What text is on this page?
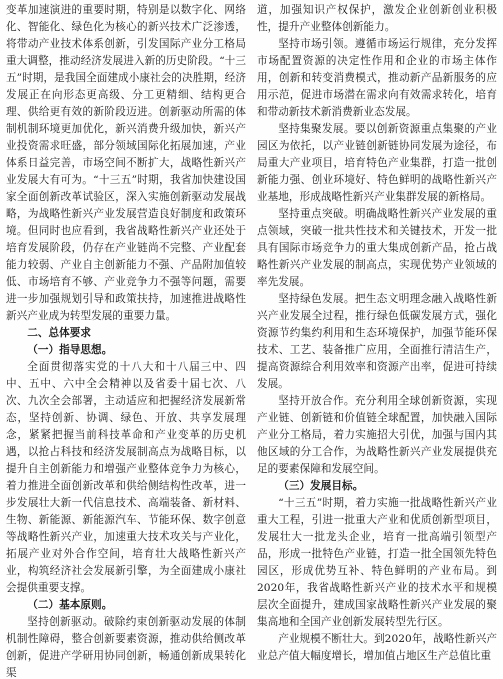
变革加速演进的重要时期，特别是以数字化、网络化、智能化、绿色化为核心的新兴技术广泛渗透，将带动产业技术体系创新，引发国际产业分工格局重大调整，推动经济发展进入新的历史阶段。“十三五”时期，是我国全面建成小康社会的决胜期，经济发展正在向形态更高级、分工更精细、结构更合理、供给更有效的新阶段迈进。创新驱动所需的体制机制环境更加优化，新兴消费升级加快，新兴产业投资需求旺盛，部分领域国际化拓展加速，产业体系日益完善，市场空间不断扩大，战略性新兴产业发展大有可为。“十三五”时期，我省加快建设国家全面创新改革试验区，深入实施创新驱动发展战略，为战略性新兴产业发展营造良好制度和政策环境。但同时也应看到，我省战略性新兴产业还处于培育发展阶段，仍存在产业链尚不完整、产业配套能力较弱、产业自主创新能力不强、产品附加值较低、市场培育不够、产业竞争力不强等问题，需要进一步加强规划引导和政策扶持，加速推进战略性新兴产业成为转型发展的重要力量。

二、总体要求

（一）指导思想。

全面贯彻落实党的十八大和十八届三中、四中、五中、六中全会精神以及省委十届七次、八次、九次全会部署，主动适应和把握经济发展新常态，坚持创新、协调、绿色、开放、共享发展理念，紧紧把握当前科技革命和产业变革的历史机遇，以抢占科技和经济发展制高点为战略目标，以提升自主创新能力和增强产业整体竞争力为核心，着力推进全面创新改革和供给侧结构性改革，进一步发展壮大新一代信息技术、高端装备、新材料、生物、新能源、新能源汽车、节能环保、数字创意等战略性新兴产业，加速重大技术攻关与产业化，拓展产业对外合作空间，培育壮大战略性新兴产业，构筑经济社会发展新引擎，为全面建成小康社会提供重要支撑。

（二）基本原则。

坚持创新驱动。破除约束创新驱动发展的体制机制性障碍，整合创新要素资源，推动供给侧改革创新，促进产学研用协同创新，畅通创新成果转化渠

道，加强知识产权保护，激发企业创新创业积极性，提升产业整体创新能力。

坚持市场引领。遵循市场运行规律，充分发挥市场配置资源的决定性作用和企业的市场主体作用，创新和转变消费模式，推动新产品新服务的应用示范，促进市场潜在需求向有效需求转化，培育和带动新技术新消费新业态发展。

坚持集聚发展。要以创新资源重点集聚的产业园区为依托，以产业链创新链协同发展为途径，布局重大产业项目，培育特色产业集群，打造一批创新能力强、创业环境好、特色鲜明的战略性新兴产业基地，形成战略性新兴产业集群发展的新格局。

坚持重点突破。明确战略性新兴产业发展的重点领域，突破一批共性技术和关键技术，开发一批具有国际市场竞争力的重大集成创新产品，抢占战略性新兴产业发展的制高点，实现优势产业领域的率先发展。

坚持绿色发展。把生态文明理念融入战略性新兴产业发展全过程，推行绿色低碳发展方式，强化资源节约集约利用和生态环境保护，加强节能环保技术、工艺、装备推广应用，全面推行清洁生产，提高资源综合利用效率和资源产出率，促进可持续发展。

坚持开放合作。充分利用全球创新资源，实现产业链、创新链和价值链全球配置，加快融入国际产业分工格局，着力实施招大引优，加强与国内其他区域的分工合作，为战略性新兴产业发展提供充足的要素保障和发展空间。

（三）发展目标。

“十三五”时期，着力实施一批战略性新兴产业重大工程，引进一批重大产业和优质创新型项目，发展壮大一批龙头企业，培育一批高端引领型产品，形成一批特色产业链，打造一批全国领先特色园区，形成优势互补、特色鲜明的产业布局。到2020年，我省战略性新兴产业的技术水平和规模层次全面提升，建成国家战略性新兴产业发展的聚集高地和全国产业创新发展转型先行区。

产业规模不断壮大。到2020年，战略性新兴产业总产值大幅度增长，增加值占地区生产总值比重
